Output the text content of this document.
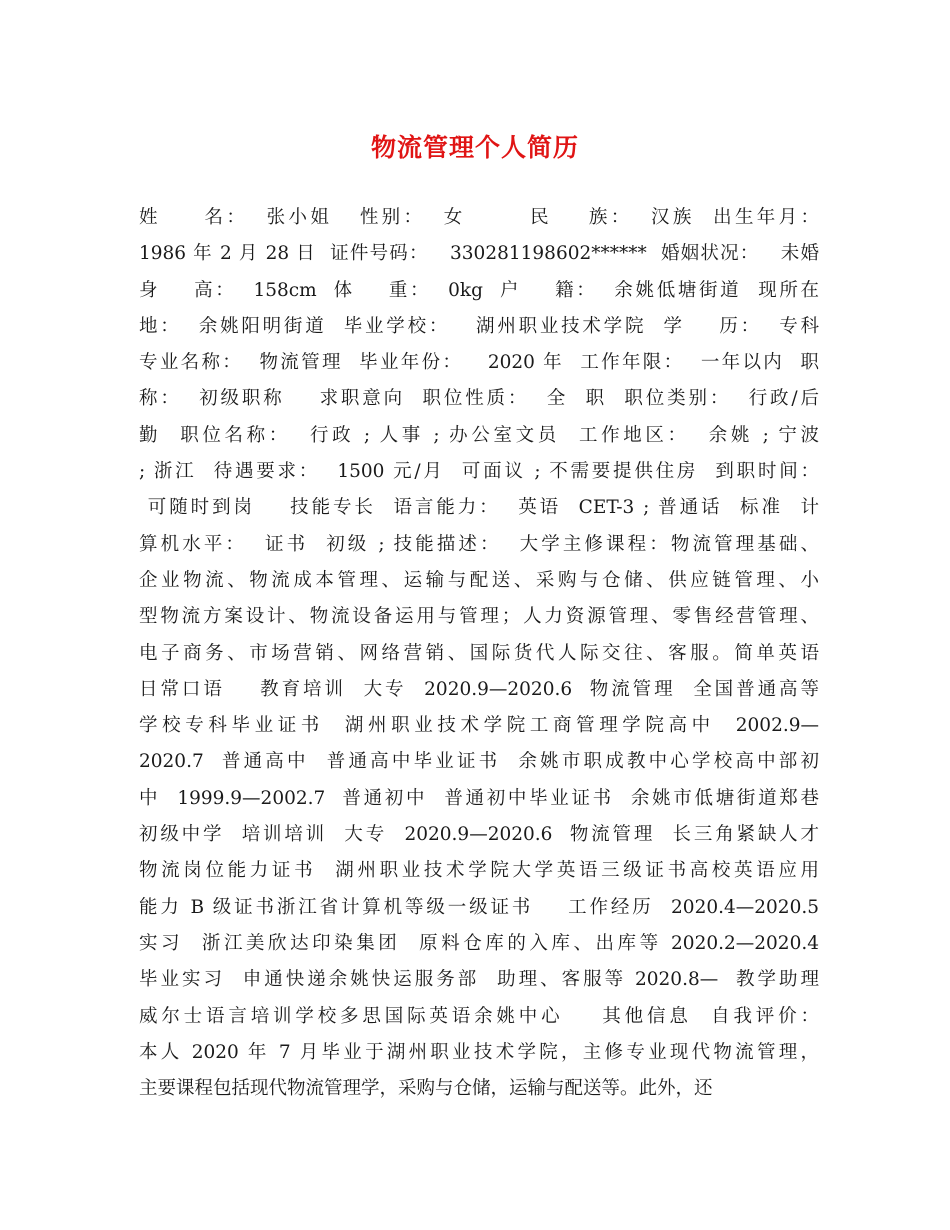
物流管理个人简历
姓　　名：  张小姐   性别：  女       民    族：  汉族  出生年月：
1986 年 2 月 28 日  证件号码：   330281198602******  婚姻状况：   未婚
身    高：  158cm  体    重：  0kg  户    籍：  余姚低塘街道  现所在
地：  余姚阳明街道  毕业学校：   湖州职业技术学院  学    历：  专科
专业名称：  物流管理  毕业年份：   2020 年  工作年限：  一年以内  职
称：  初级职称    求职意向  职位性质：  全  职  职位类别：  行政/后
勤  职位名称：  行政 ; 人事 ; 办公室文员  工作地区：  余姚 ; 宁波
; 浙江  待遇要求：  1500 元/月  可面议 ; 不需要提供住房  到职时间：
可随时到岗    技能专长  语言能力：  英语  CET-3 ; 普通话  标准  计
算机水平：  证书  初级 ; 技能描述：  大学主修课程：物流管理基础、
企业物流、物流成本管理、运输与配送、采购与仓储、供应链管理、小
型物流方案设计、物流设备运用与管理；人力资源管理、零售经营管理、
电子商务、市场营销、网络营销、国际货代人际交往、客服。简单英语
日常口语    教育培训  大专  2020.9—2020.6  物流管理  全国普通高等
学校专科毕业证书  湖州职业技术学院工商管理学院高中  2002.9—
2020.7  普通高中  普通高中毕业证书  余姚市职成教中心学校高中部初
中  1999.9—2002.7  普通初中  普通初中毕业证书  余姚市低塘街道郑巷
初级中学  培训培训  大专  2020.9—2020.6  物流管理  长三角紧缺人才
物流岗位能力证书  湖州职业技术学院大学英语三级证书高校英语应用
能力 B 级证书浙江省计算机等级一级证书    工作经历  2020.4—2020.5
实习  浙江美欣达印染集团  原料仓库的入库、出库等 2020.2—2020.4
毕业实习  申通快递余姚快运服务部  助理、客服等 2020.8—  教学助理
威尔士语言培训学校多思国际英语余姚中心    其他信息  自我评价：
本人 2020 年 7 月毕业于湖州职业技术学院，主修专业现代物流管理，
主要课程包括现代物流管理学，采购与仓储，运输与配送等。此外，还
